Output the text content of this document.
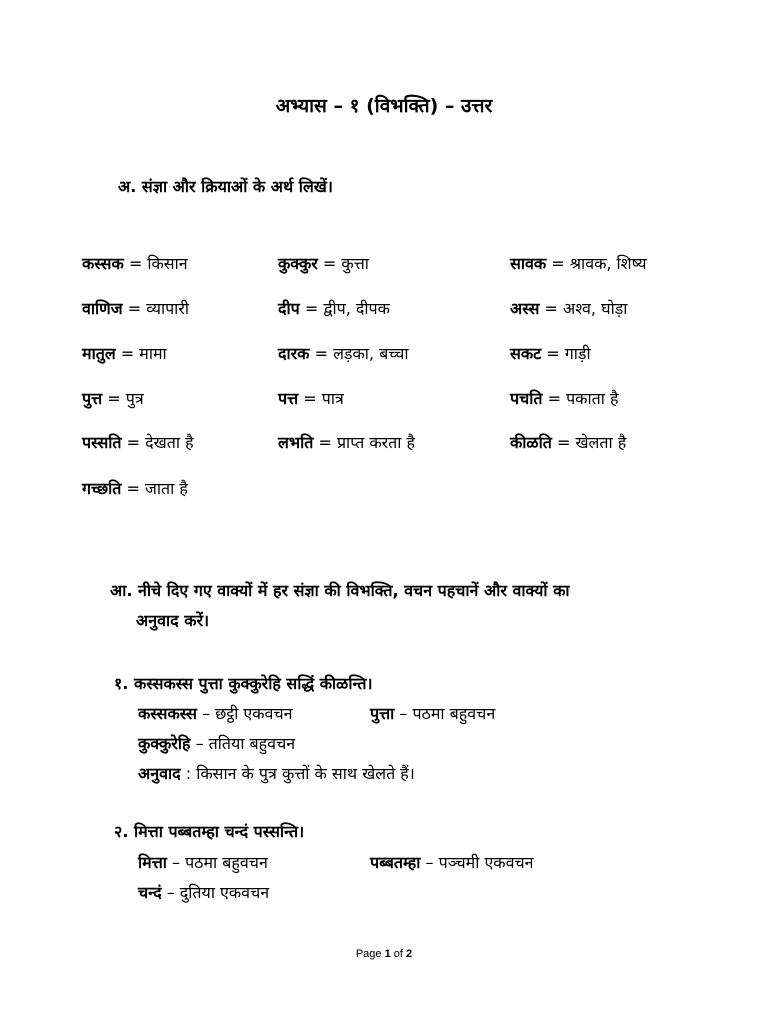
अभ्यास – १ (विभक्ति) – उत्तर
अ. संज्ञा और क्रियाओं के अर्थ लिखें।
कस्सक = किसान	कुक्कुर = कुत्ता	सावक = श्रावक, शिष्य
वाणिज = व्यापारी	दीप = द्वीप, दीपक	अस्स = अश्व, घोड़ा
मातुल = मामा	दारक = लड़का, बच्चा	सकट = गाड़ी
पुत्त = पुत्र	पत्त = पात्र	पचति = पकाता है
पस्सति = देखता है	लभति = प्राप्त करता है	कीळति = खेलता है
गच्छति = जाता है
आ. नीचे दिए गए वाक्यों में हर संज्ञा की विभक्ति, वचन पहचानें और वाक्यों का
अनुवाद करें।
१. कस्सकस्स पुत्ता कुक्कुरेहि सद्धिं कीळन्ति।
कस्सकस्स – छट्ठी एकवचन	पुत्ता – पठमा बहुवचन
कुक्कुरेहि – ततिया बहुवचन
अनुवाद : किसान के पुत्र कुत्तों के साथ खेलते हैं।
२. मित्ता पब्बतम्हा चन्दं पस्सन्ति।
मित्ता – पठमा बहुवचन	पब्बतम्हा – पञ्चमी एकवचन
चन्दं – दुतिया एकवचन
Page 1 of 2
